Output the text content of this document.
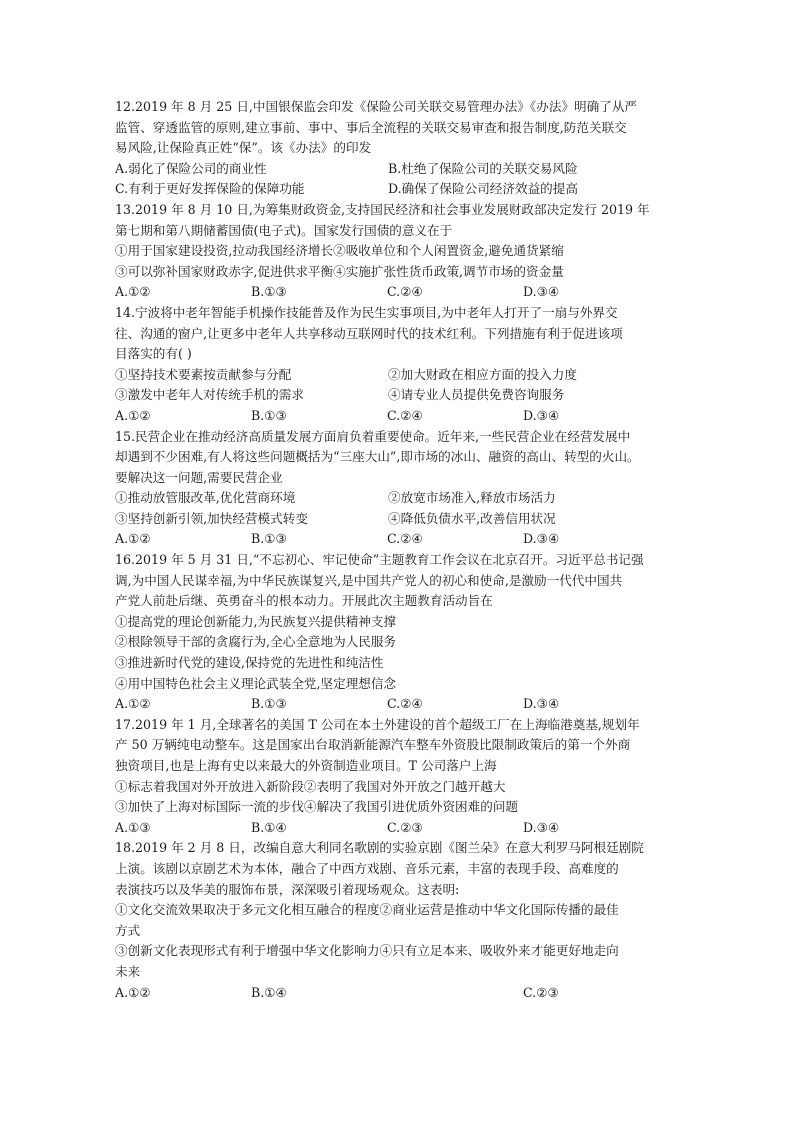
12.2019 年 8 月 25 日,中国银保监会印发《保险公司关联交易管理办法》《办法》明确了从严
监管、穿透监管的原则,建立事前、事中、事后全流程的关联交易审查和报告制度,防范关联交
易风险,让保险真正姓“保”。该《办法》的印发
A.弱化了保险公司的商业性	B.杜绝了保险公司的关联交易风险
C.有利于更好发挥保险的保障功能	D.确保了保险公司经济效益的提高
13.2019 年 8 月 10 日,为筹集财政资金,支持国民经济和社会事业发展财政部决定发行 2019 年
第七期和第八期储蓄国债(电子式)。国家发行国债的意义在于
①用于国家建设投资,拉动我国经济增长②吸收单位和个人闲置资金,避免通货紧缩
③可以弥补国家财政赤字,促进供求平衡④实施扩张性货币政策,调节市场的资金量
A.①②	B.①③	C.②④	D.③④
14.宁波将中老年智能手机操作技能普及作为民生实事项目,为中老年人打开了一扇与外界交
往、沟通的窗户,让更多中老年人共享移动互联网时代的技术红利。下列措施有利于促进该项
目落实的有( )
①坚持技术要素按贡献参与分配	②加大财政在相应方面的投入力度
③激发中老年人对传统手机的需求	④请专业人员提供免费咨询服务
A.①②	B.①③	C.②④	D.③④
15.民营企业在推动经济高质量发展方面肩负着重要使命。近年来,一些民营企业在经营发展中
却遇到不少困难,有人将这些问题概括为“三座大山”,即市场的冰山、融资的高山、转型的火山。
要解决这一问题,需要民营企业
①推动放管服改革,优化营商环境	②放宽市场准入,释放市场活力
③坚持创新引领,加快经营模式转变	④降低负债水平,改善信用状况
A.①②	B.①③	C.②④	D.③④
16.2019 年 5 月 31 日,“不忘初心、牢记使命”主题教育工作会议在北京召开。习近平总书记强
调,为中国人民谋幸福,为中华民族谋复兴,是中国共产党人的初心和使命,是激励一代代中国共
产党人前赴后继、英勇奋斗的根本动力。开展此次主题教育活动旨在
①提高党的理论创新能力,为民族复兴提供精神支撑
②根除领导干部的贪腐行为,全心全意地为人民服务
③推进新时代党的建设,保持党的先进性和纯洁性
④用中国特色社会主义理论武装全党,坚定理想信念
A.①②	B.①③	C.②④	D.③④
17.2019 年 1 月,全球著名的美国 T 公司在本土外建设的首个超级工厂在上海临港奠基,规划年
产 50 万辆纯电动整车。这是国家出台取消新能源汽车整车外资股比限制政策后的第一个外商
独资项目,也是上海有史以来最大的外资制造业项目。T 公司落户上海
①标志着我国对外开放进入新阶段②表明了我国对外开放之门越开越大
③加快了上海对标国际一流的步伐④解决了我国引进优质外资困难的问题
A.①③	B.①④	C.②③	D.③④
18.2019 年 2 月 8 日，改编自意大利同名歌剧的实验京剧《图兰朵》在意大利罗马阿根廷剧院
上演。该剧以京剧艺术为本体，融合了中西方戏剧、音乐元素，丰富的表现手段、高难度的
表演技巧以及华美的服饰布景，深深吸引着现场观众。这表明:
①文化交流效果取决于多元文化相互融合的程度②商业运营是推动中华文化国际传播的最佳
方式
③创新文化表现形式有利于增强中华文化影响力④只有立足本来、吸收外来才能更好地走向
未来
A.①②	B.①④	C.②③
